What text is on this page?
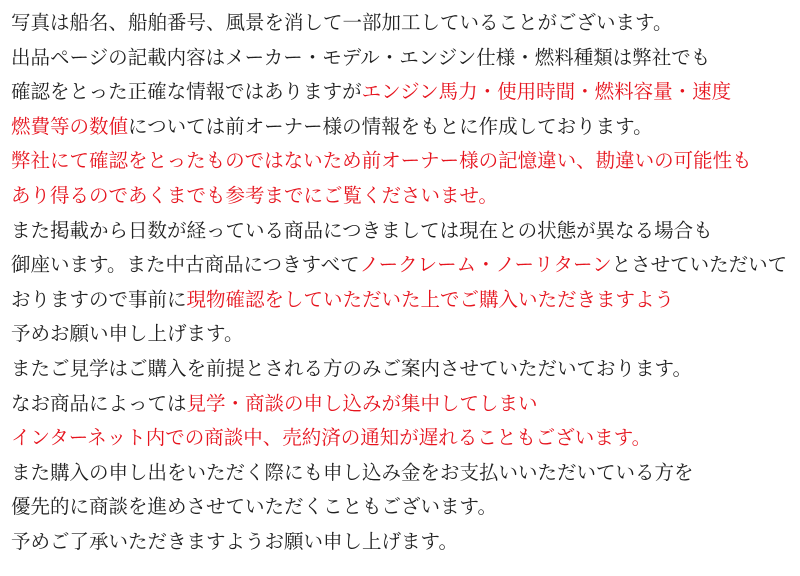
写真は船名、船舶番号、風景を消して一部加工していることがございます。
出品ページの記載内容はメーカー・モデル・エンジン仕様・燃料種類は弊社でも
確認をとった正確な情報ではありますがエンジン馬力・使用時間・燃料容量・速度
燃費等の数値については前オーナー様の情報をもとに作成しております。
弊社にて確認をとったものではないため前オーナー様の記憶違い、勘違いの可能性も
あり得るのであくまでも参考までにご覧くださいませ。
また掲載から日数が経っている商品につきましては現在との状態が異なる場合も
御座います。また中古商品につきすべてノークレーム・ノーリターンとさせていただいて
おりますので事前に現物確認をしていただいた上でご購入いただきますよう
予めお願い申し上げます。
またご見学はご購入を前提とされる方のみご案内させていただいております。
なお商品によっては見学・商談の申し込みが集中してしまい
インターネット内での商談中、売約済の通知が遅れることもございます。
また購入の申し出をいただく際にも申し込み金をお支払いいただいている方を
優先的に商談を進めさせていただくこともございます。
予めご了承いただきますようお願い申し上げます。
